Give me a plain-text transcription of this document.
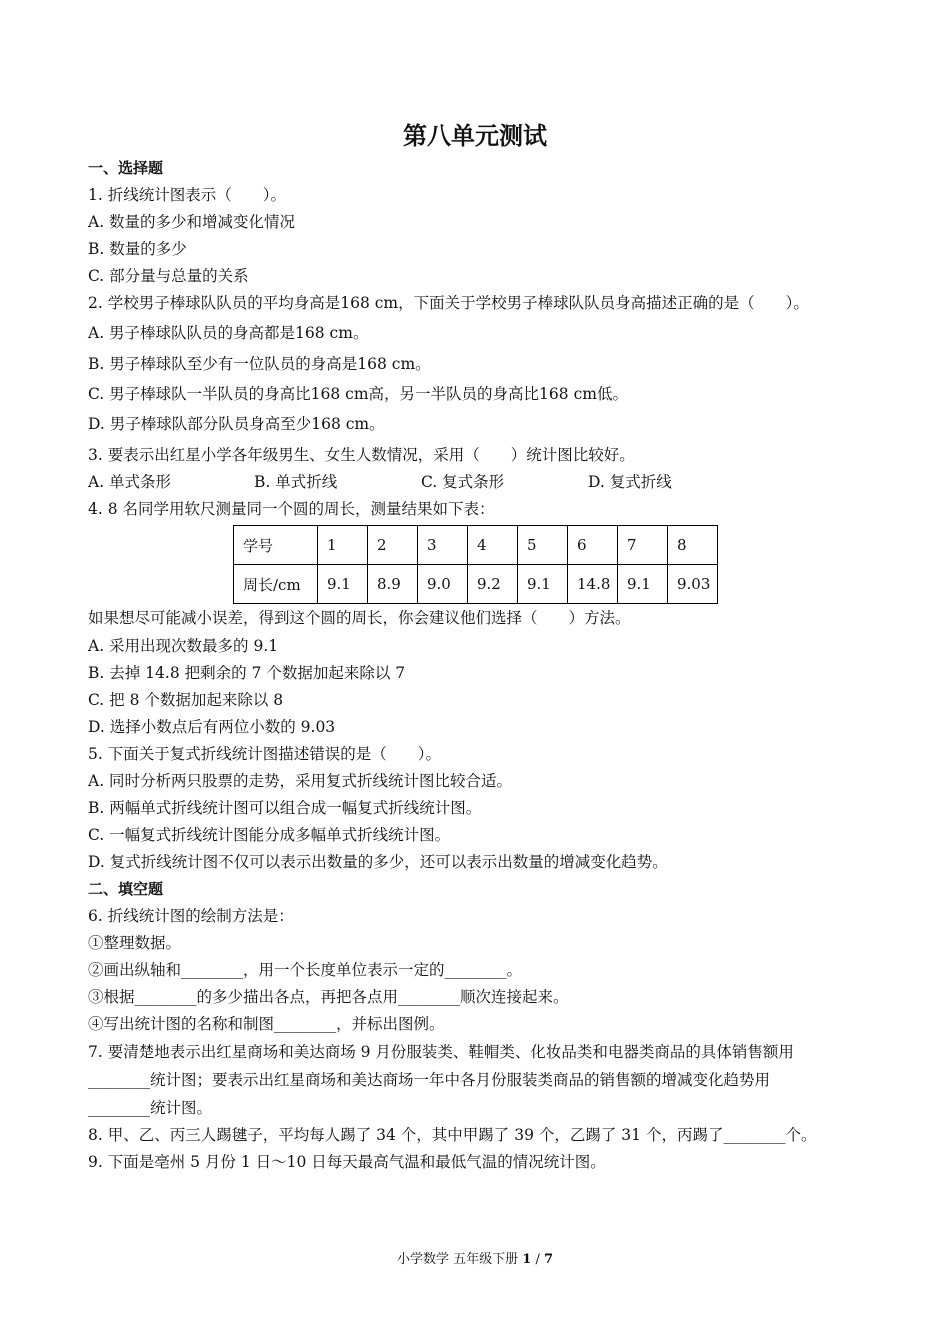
第八单元测试
一、选择题
1. 折线统计图表示（　　）。
A. 数量的多少和增减变化情况
B. 数量的多少
C. 部分量与总量的关系
2. 学校男子棒球队队员的平均身高是168 cm，下面关于学校男子棒球队队员身高描述正确的是（　　）。
A. 男子棒球队队员的身高都是168 cm。
B. 男子棒球队至少有一位队员的身高是168 cm。
C. 男子棒球队一半队员的身高比168 cm高，另一半队员的身高比168 cm低。
D. 男子棒球队部分队员身高至少168 cm。
3. 要表示出红星小学各年级男生、女生人数情况，采用（　　）统计图比较好。
A. 单式条形	B. 单式折线	C. 复式条形	D. 复式折线
4. 8 名同学用软尺测量同一个圆的周长，测量结果如下表：
学号	1	2	3	4	5	6	7	8
周长/cm	9.1	8.9	9.0	9.2	9.1	14.8	9.1	9.03
如果想尽可能减小误差，得到这个圆的周长，你会建议他们选择（　　）方法。
A. 采用出现次数最多的 9.1
B. 去掉 14.8 把剩余的 7 个数据加起来除以 7
C. 把 8 个数据加起来除以 8
D. 选择小数点后有两位小数的 9.03
5. 下面关于复式折线统计图描述错误的是（　　）。
A. 同时分析两只股票的走势，采用复式折线统计图比较合适。
B. 两幅单式折线统计图可以组合成一幅复式折线统计图。
C. 一幅复式折线统计图能分成多幅单式折线统计图。
D. 复式折线统计图不仅可以表示出数量的多少，还可以表示出数量的增减变化趋势。
二、填空题
6. 折线统计图的绘制方法是：
①整理数据。
②画出纵轴和________，用一个长度单位表示一定的________。
③根据________的多少描出各点，再把各点用________顺次连接起来。
④写出统计图的名称和制图________，并标出图例。
7. 要清楚地表示出红星商场和美达商场 9 月份服装类、鞋帽类、化妆品类和电器类商品的具体销售额用
________统计图；要表示出红星商场和美达商场一年中各月份服装类商品的销售额的增减变化趋势用
________统计图。
8. 甲、乙、丙三人踢毽子，平均每人踢了 34 个，其中甲踢了 39 个，乙踢了 31 个，丙踢了________个。
9. 下面是亳州 5 月份 1 日～10 日每天最高气温和最低气温的情况统计图。
小学数学 五年级下册 1 / 7
